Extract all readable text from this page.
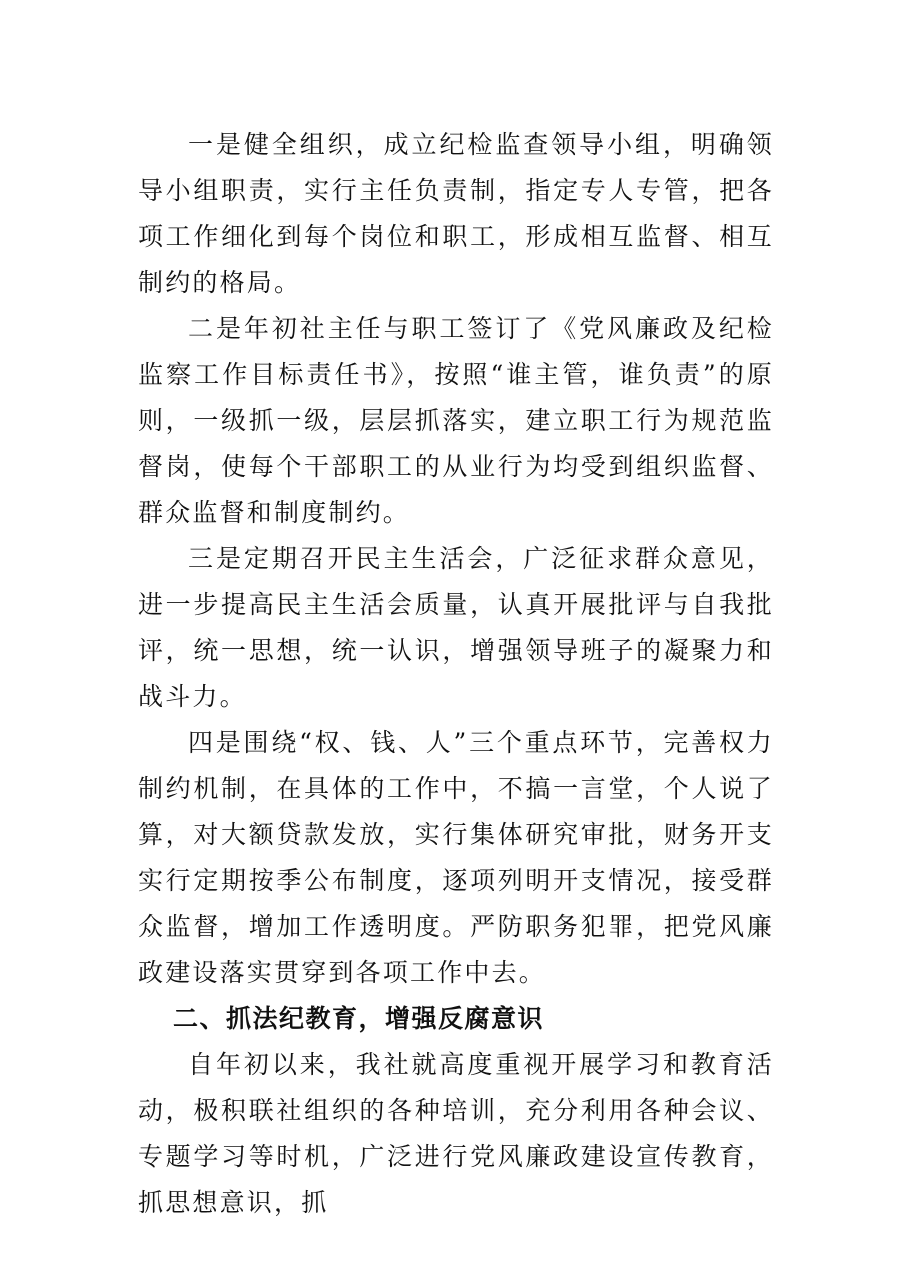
一是健全组织，成立纪检监查领导小组，明确领导小组职责，实行主任负责制，指定专人专管，把各项工作细化到每个岗位和职工，形成相互监督、相互制约的格局。

二是年初社主任与职工签订了《党风廉政及纪检监察工作目标责任书》，按照“谁主管，谁负责”的原则，一级抓一级，层层抓落实，建立职工行为规范监督岗，使每个干部职工的从业行为均受到组织监督、群众监督和制度制约。

三是定期召开民主生活会，广泛征求群众意见，进一步提高民主生活会质量，认真开展批评与自我批评，统一思想，统一认识，增强领导班子的凝聚力和战斗力。

四是围绕“权、钱、人”三个重点环节，完善权力制约机制，在具体的工作中，不搞一言堂，个人说了算，对大额贷款发放，实行集体研究审批，财务开支实行定期按季公布制度，逐项列明开支情况，接受群众监督，增加工作透明度。严防职务犯罪，把党风廉政建设落实贯穿到各项工作中去。

二、抓法纪教育，增强反腐意识

自年初以来，我社就高度重视开展学习和教育活动，极积联社组织的各种培训，充分利用各种会议、专题学习等时机，广泛进行党风廉政建设宣传教育，抓思想意识，抓
